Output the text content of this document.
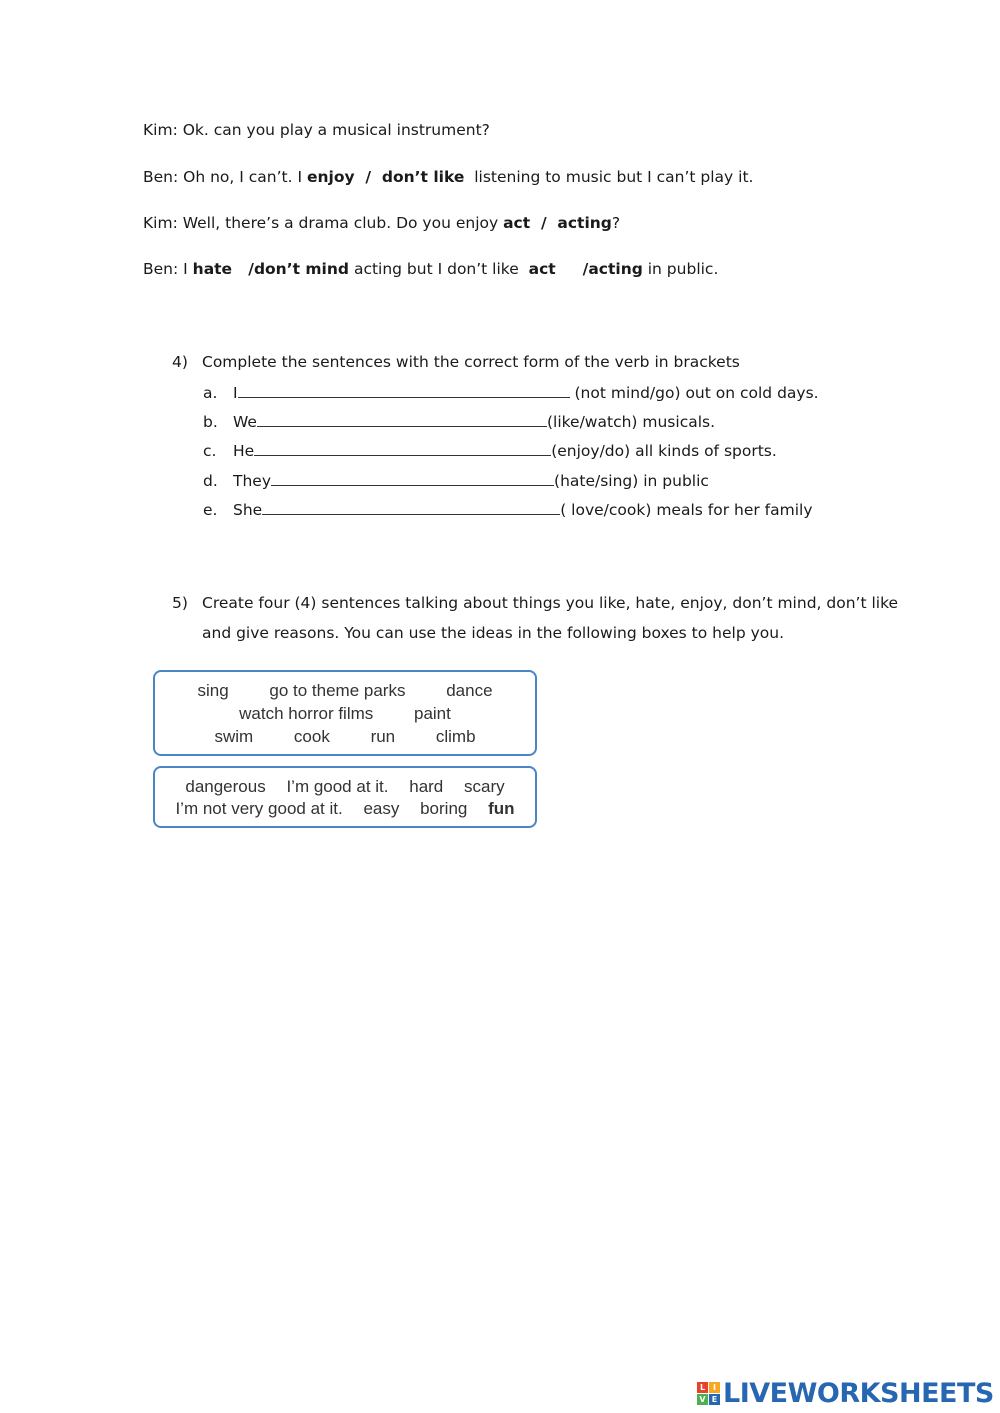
Kim: Ok. can you play a musical instrument?
Ben: Oh no, I can’t. I enjoy  /  don’t like  listening to music but I can’t play it.
Kim: Well, there’s a drama club. Do you enjoy act  /  acting?
Ben: I hate   /don’t mind acting but I don’t like  act     /acting in public.
4) Complete the sentences with the correct form of the verb in brackets
a. I	(not mind/go) out on cold days.
b. We	(like/watch) musicals.
c. He	(enjoy/do) all kinds of sports.
d. They	(hate/sing) in public
e. She	( love/cook) meals for her family
5) Create four (4) sentences talking about things you like, hate, enjoy, don’t mind, don’t like
and give reasons. You can use the ideas in the following boxes to help you.
sing go to theme parks dance
watch horror films paint
swim cook run climb
dangerous I’m good at it. hard scary
I’m not very good at it. easy boring fun
L I
V E LIVEWORKSHEETS
